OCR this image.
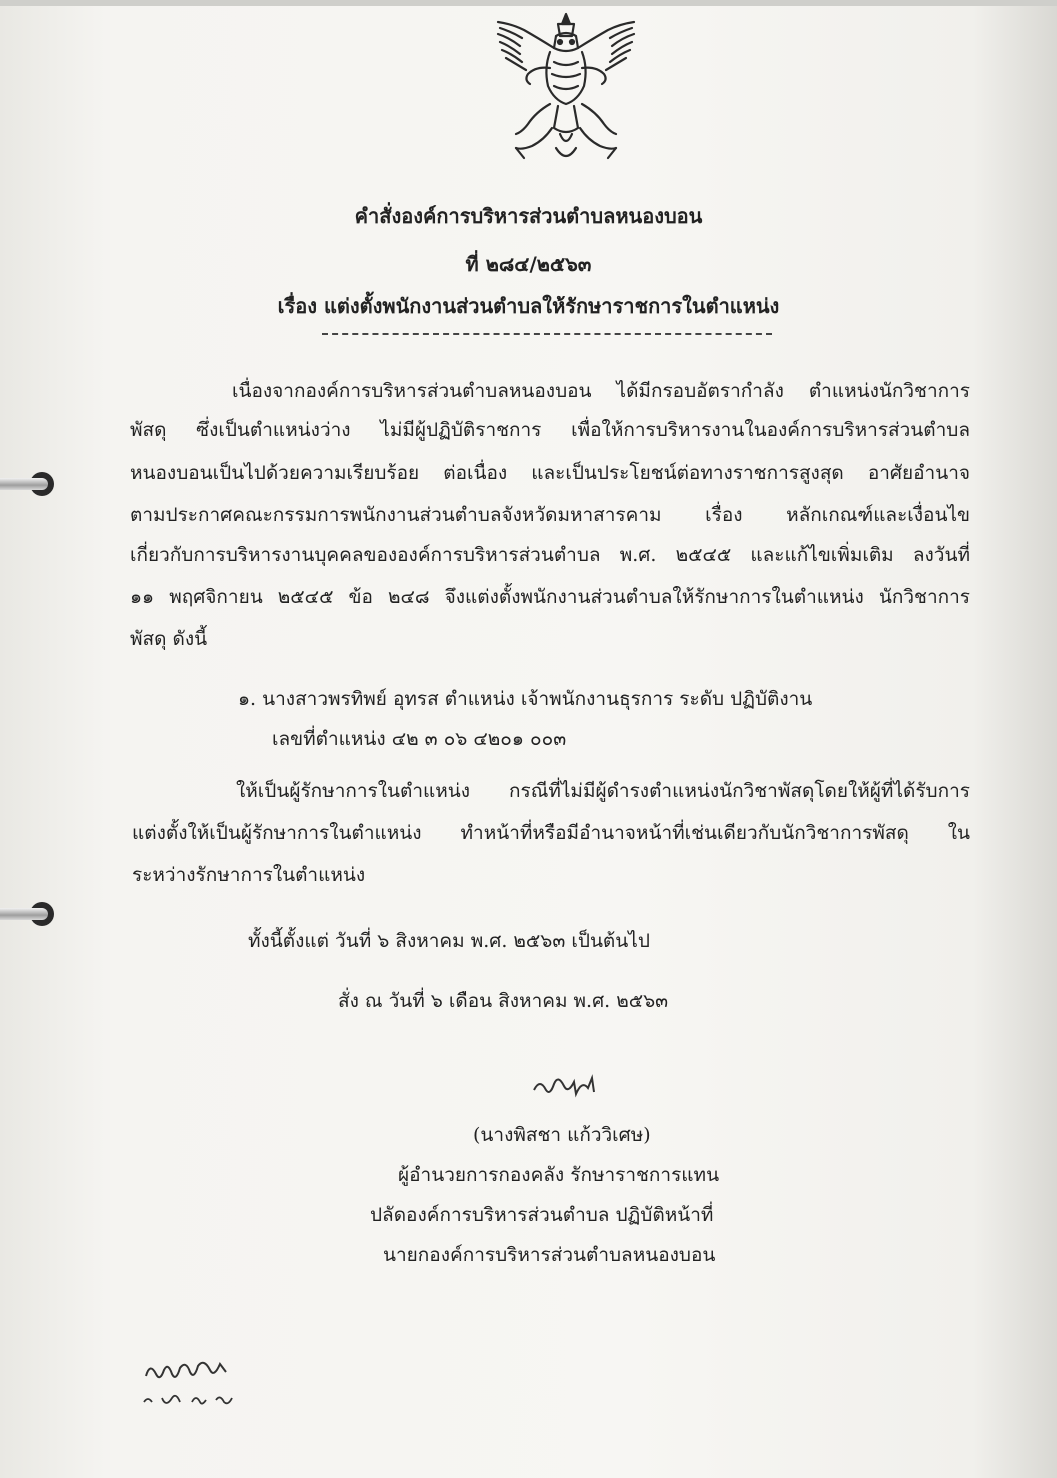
คำสั่งองค์การบริหารส่วนตำบลหนองบอน
ที่ ๒๘๔/๒๕๖๓
เรื่อง แต่งตั้งพนักงานส่วนตำบลให้รักษาราชการในตำแหน่ง
เนื่องจากองค์การบริหารส่วนตำบลหนองบอน ได้มีกรอบอัตรากำลัง ตำแหน่งนักวิชาการ
พัสดุ ซึ่งเป็นตำแหน่งว่าง ไม่มีผู้ปฏิบัติราชการ เพื่อให้การบริหารงานในองค์การบริหารส่วนตำบล
หนองบอนเป็นไปด้วยความเรียบร้อย ต่อเนื่อง และเป็นประโยชน์ต่อทางราชการสูงสุด อาศัยอำนาจ
ตามประกาศคณะกรรมการพนักงานส่วนตำบลจังหวัดมหาสารคาม เรื่อง หลักเกณฑ์และเงื่อนไข
เกี่ยวกับการบริหารงานบุคคลขององค์การบริหารส่วนตำบล พ.ศ. ๒๕๔๕ และแก้ไขเพิ่มเติม ลงวันที่
๑๑ พฤศจิกายน ๒๕๔๕ ข้อ ๒๔๘ จึงแต่งตั้งพนักงานส่วนตำบลให้รักษาการในตำแหน่ง นักวิชาการ
พัสดุ ดังนี้
๑. นางสาวพรทิพย์ อุทรส ตำแหน่ง เจ้าพนักงานธุรการ ระดับ ปฏิบัติงาน
เลขที่ตำแหน่ง ๔๒ ๓ ๐๖ ๔๒๐๑ ๐๐๓
ให้เป็นผู้รักษาการในตำแหน่ง กรณีที่ไม่มีผู้ดำรงตำแหน่งนักวิชาพัสดุโดยให้ผู้ที่ได้รับการ
แต่งตั้งให้เป็นผู้รักษาการในตำแหน่ง ทำหน้าที่หรือมีอำนาจหน้าที่เช่นเดียวกับนักวิชาการพัสดุ ใน
ระหว่างรักษาการในตำแหน่ง
ทั้งนี้ตั้งแต่ วันที่ ๖ สิงหาคม พ.ศ. ๒๕๖๓ เป็นต้นไป
สั่ง ณ วันที่ ๖ เดือน สิงหาคม พ.ศ. ๒๕๖๓
(นางพิสชา แก้ววิเศษ)
ผู้อำนวยการกองคลัง รักษาราชการแทน
ปลัดองค์การบริหารส่วนตำบล ปฏิบัติหน้าที่
นายกองค์การบริหารส่วนตำบลหนองบอน
